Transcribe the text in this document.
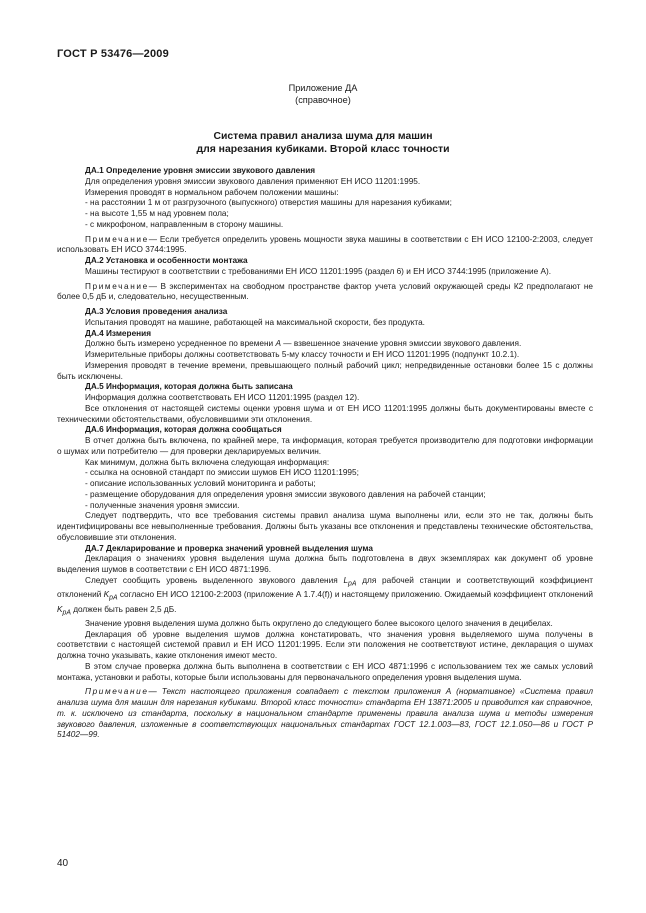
ГОСТ Р 53476—2009
Приложение ДА
(справочное)
Система правил анализа шума для машин
для нарезания кубиками. Второй класс точности

ДА.1 Определение уровня эмиссии звукового давления

Для определения уровня эмиссии звукового давления применяют ЕН ИСО 11201:1995.

Измерения проводят в нормальном рабочем положении машины:

- на расстоянии 1 м от разгрузочного (выпускного) отверстия машины для нарезания кубиками;

- на высоте 1,55 м над уровнем пола;

- с микрофоном, направленным в сторону машины.

Примечание— Если требуется определить уровень мощности звука машины в соответствии с ЕН ИСО 12100-2:2003, следует использовать ЕН ИСО 3744:1995.

ДА.2 Установка и особенности монтажа

Машины тестируют в соответствии с требованиями ЕН ИСО 11201:1995 (раздел 6) и ЕН ИСО 3744:1995 (приложение А).

Примечание— В экспериментах на свободном пространстве фактор учета условий окружающей среды К2 предполагают не более 0,5 дБ и, следовательно, несущественным.

ДА.3 Условия проведения анализа

Испытания проводят на машине, работающей на максимальной скорости, без продукта.

ДА.4 Измерения

Должно быть измерено усредненное по времени А — взвешенное значение уровня эмиссии звукового давления.

Измерительные приборы должны соответствовать 5-му классу точности и ЕН ИСО 11201:1995 (подпункт 10.2.1).

Измерения проводят в течение времени, превышающего полный рабочий цикл; непредвиденные остановки более 15 с должны быть исключены.

ДА.5 Информация, которая должна быть записана

Информация должна соответствовать ЕН ИСО 11201:1995 (раздел 12).

Все отклонения от настоящей системы оценки уровня шума и от ЕН ИСО 11201:1995 должны быть документированы вместе с техническими обстоятельствами, обусловившими эти отклонения.

ДА.6 Информация, которая должна сообщаться

В отчет должна быть включена, по крайней мере, та информация, которая требуется производителю для подготовки информации о шумах или потребителю — для проверки декларируемых величин.

Как минимум, должна быть включена следующая информация:

- ссылка на основной стандарт по эмиссии шумов ЕН ИСО 11201:1995;

- описание использованных условий мониторинга и работы;

- размещение оборудования для определения уровня эмиссии звукового давления на рабочей станции;

- полученные значения уровня эмиссии.

Следует подтвердить, что все требования системы правил анализа шума выполнены или, если это не так, должны быть идентифицированы все невыполненные требования. Должны быть указаны все отклонения и представлены технические обстоятельства, обусловившие эти отклонения.

ДА.7 Декларирование и проверка значений уровней выделения шума

Декларация о значениях уровня выделения шума должна быть подготовлена в двух экземплярах как документ об уровне выделения шумов в соответствии с ЕН ИСО 4871:1996.

Следует сообщить уровень выделенного звукового давления $L_{pA}$ для рабочей станции и соответствующий коэффициент отклонений $K_{pA}$ согласно ЕН ИСО 12100-2:2003 (приложение А 1.7.4(f)) и настоящему приложению. Ожидаемый коэффициент отклонений $K_{pA}$ должен быть равен 2,5 дБ.

Значение уровня выделения шума должно быть округлено до следующего более высокого целого значения в децибелах.

Декларация об уровне выделения шумов должна констатировать, что значения уровня выделяемого шума получены в соответствии с настоящей системой правил и ЕН ИСО 11201:1995. Если эти положения не соответствуют истине, декларация о шумах должна точно указывать, какие отклонения имеют место.

В этом случае проверка должна быть выполнена в соответствии с ЕН ИСО 4871:1996 с использованием тех же самых условий монтажа, установки и работы, которые были использованы для первоначального определения уровня выделения шума.

Примечание— Текст настоящего приложения совпадает с текстом приложения А (нормативное) «Система правил анализа шума для машин для нарезания кубиками. Второй класс точности» стандарта ЕН 13871:2005 и приводится как справочное, т. к. исключено из стандарта, поскольку в национальном стандарте применены правила анализа шума и методы измерения звукового давления, изложенные в соответствующих национальных стандартах ГОСТ 12.1.003—83, ГОСТ 12.1.050—86 и ГОСТ Р 51402—99.

40
